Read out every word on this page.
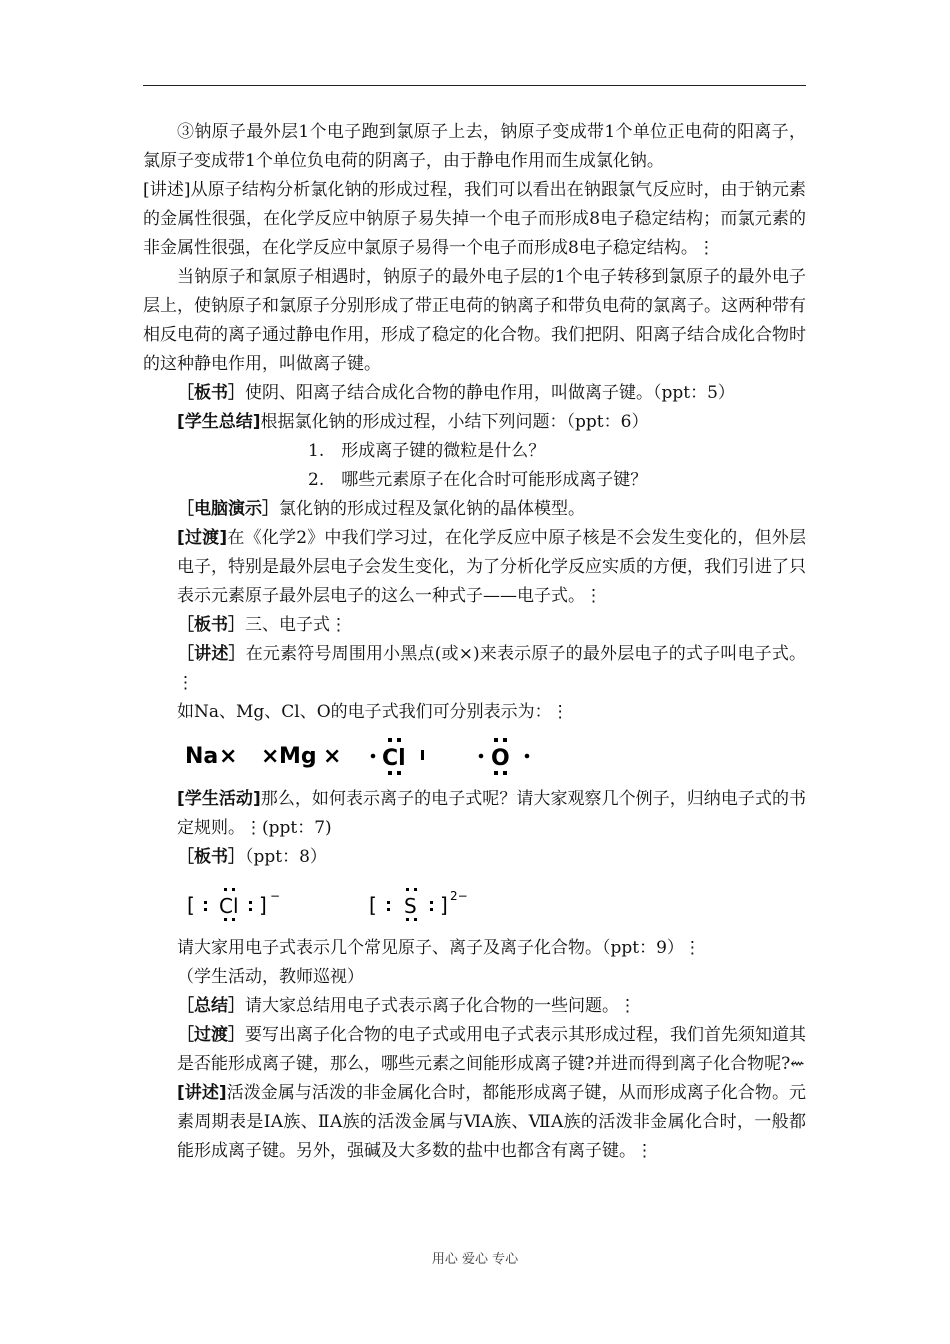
③钠原子最外层1个电子跑到氯原子上去，钠原子变成带1个单位正电荷的阳离子，氯原子变成带1个单位负电荷的阴离子，由于静电作用而生成氯化钠。

[讲述]从原子结构分析氯化钠的形成过程，我们可以看出在钠跟氯气反应时，由于钠元素的金属性很强，在化学反应中钠原子易失掉一个电子而形成8电子稳定结构；而氯元素的非金属性很强，在化学反应中氯原子易得一个电子而形成8电子稳定结构。⋮

当钠原子和氯原子相遇时，钠原子的最外电子层的1个电子转移到氯原子的最外电子层上，使钠原子和氯原子分别形成了带正电荷的钠离子和带负电荷的氯离子。这两种带有相反电荷的离子通过静电作用，形成了稳定的化合物。我们把阴、阳离子结合成化合物时的这种静电作用，叫做离子键。

［板书］使阴、阳离子结合成化合物的静电作用，叫做离子键。（ppt：5）

[学生总结]根据氯化钠的形成过程，小结下列问题：（ppt：6）

1.　形成离子键的微粒是什么？

2.　哪些元素原子在化合时可能形成离子键？

［电脑演示］氯化钠的形成过程及氯化钠的晶体模型。

[过渡]在《化学2》中我们学习过，在化学反应中原子核是不会发生变化的，但外层电子，特别是最外层电子会发生变化，为了分析化学反应实质的方便，我们引进了只表示元素原子最外层电子的这么一种式子——电子式。⋮

［板书］三、电子式⋮

［讲述］在元素符号周围用小黑点(或×)来表示原子的最外层电子的式子叫电子式。⋮

如Na、Mg、Cl、O的电子式我们可分别表示为：⋮

Na × × Mg × Cl	O

[学生活动]那么，如何表示离子的电子式呢？请大家观察几个例子，归纳电子式的书定规则。⋮(ppt：7)

［板书］（ppt：8）

[ Cl ] −	[ S ] 2−

请大家用电子式表示几个常见原子、离子及离子化合物。（ppt：9）⋮

（学生活动，教师巡视）

［总结］请大家总结用电子式表示离子化合物的一些问题。⋮

［过渡］要写出离子化合物的电子式或用电子式表示其形成过程，我们首先须知道其是否能形成离子键，那么，哪些元素之间能形成离子键?并进而得到离子化合物呢?⇜

[讲述]活泼金属与活泼的非金属化合时，都能形成离子键，从而形成离子化合物。元素周期表是ⅠA族、ⅡA族的活泼金属与ⅥA族、ⅦA族的活泼非金属化合时，一般都能形成离子键。另外，强碱及大多数的盐中也都含有离子键。⋮

用心 爱心 专心
